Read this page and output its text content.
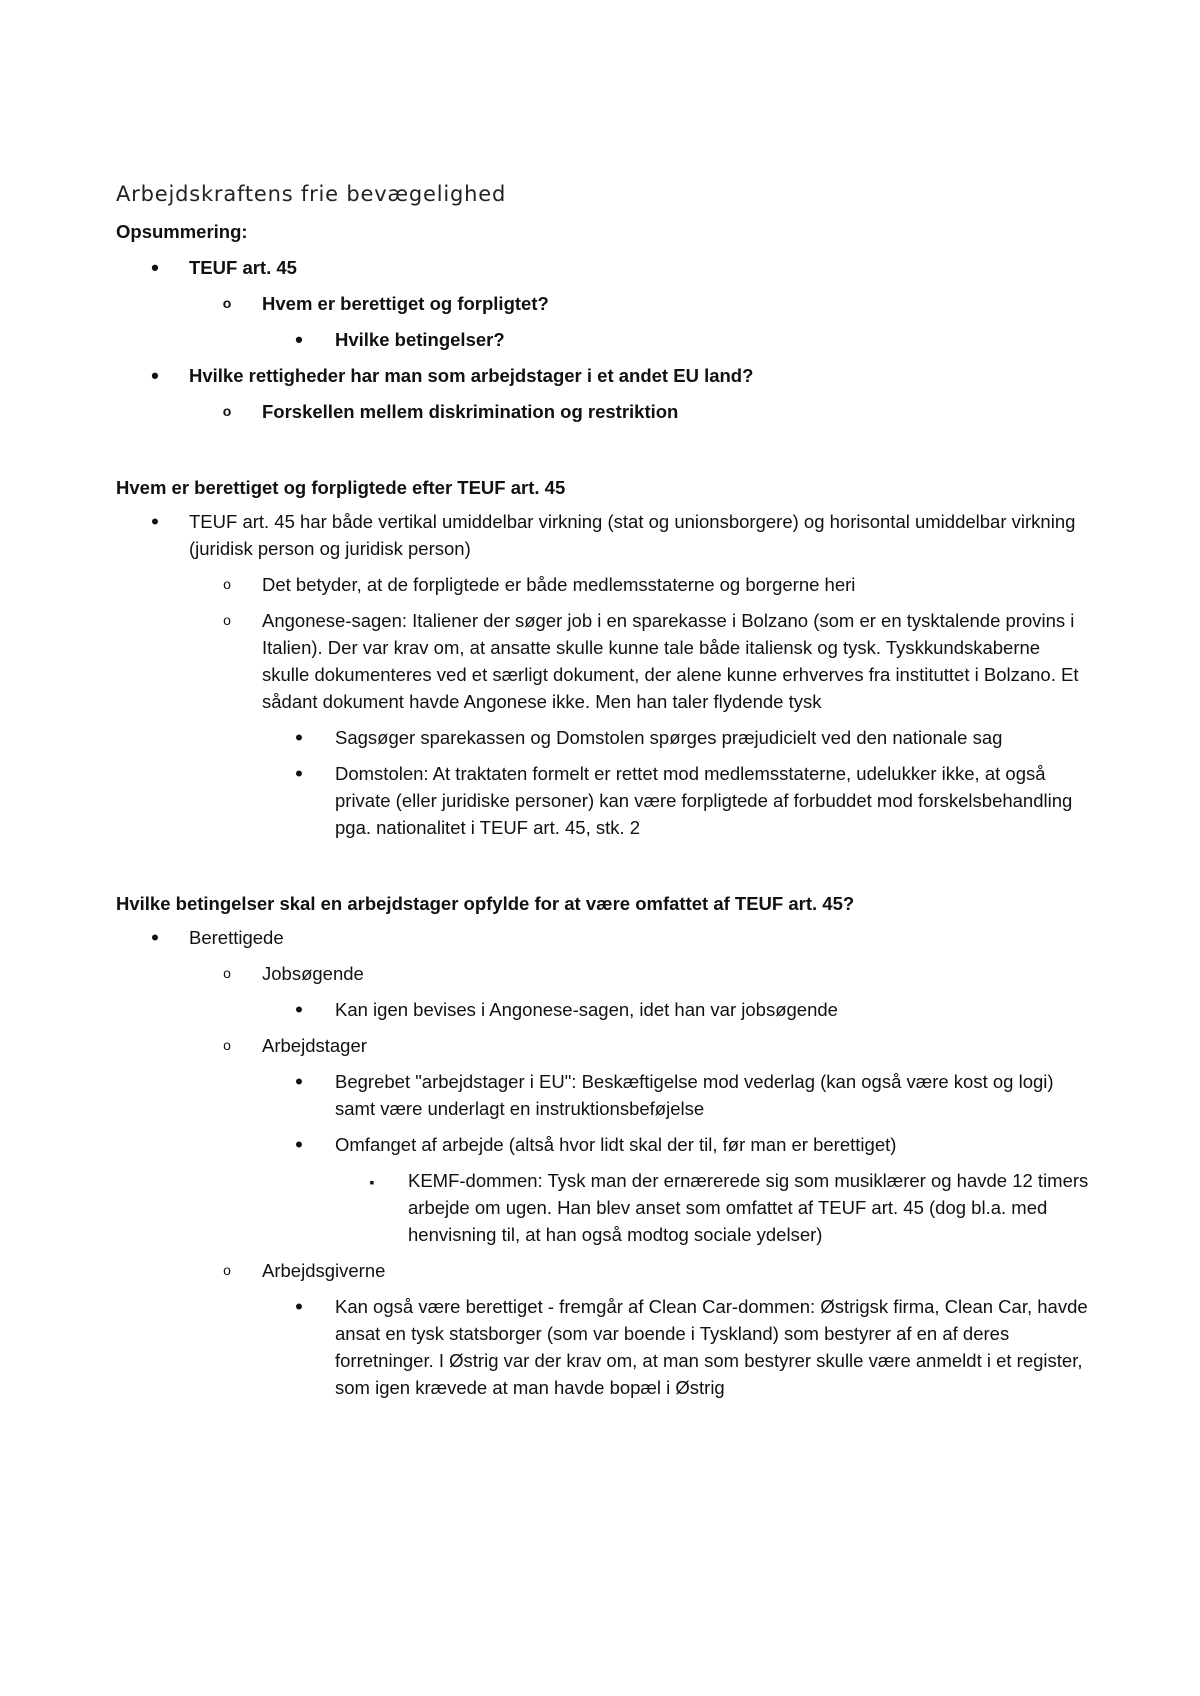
Arbejdskraftens frie bevægelighed
Opsummering:
•
TEUF art. 45
o
Hvem er berettiget og forpligtet?
•
Hvilke betingelser?
•
Hvilke rettigheder har man som arbejdstager i et andet EU land?
o
Forskellen mellem diskrimination og restriktion
Hvem er berettiget og forpligtede efter TEUF art. 45
•
TEUF art. 45 har både vertikal umiddelbar virkning (stat og unionsborgere) og horisontal umiddelbar virkning (juridisk person og juridisk person)
o
Det betyder, at de forpligtede er både medlemsstaterne og borgerne heri
o
Angonese-sagen: Italiener der søger job i en sparekasse i Bolzano (som er en tysktalende provins i Italien). Der var krav om, at ansatte skulle kunne tale både italiensk og tysk. Tyskkundskaberne skulle dokumenteres ved et særligt dokument, der alene kunne erhverves fra instituttet i Bolzano. Et sådant dokument havde Angonese ikke. Men han taler flydende tysk
•
Sagsøger sparekassen og Domstolen spørges præjudicielt ved den nationale sag
•
Domstolen: At traktaten formelt er rettet mod medlemsstaterne, udelukker ikke, at også private (eller juridiske personer) kan være forpligtede af forbuddet mod forskelsbehandling pga. nationalitet i TEUF art. 45, stk. 2
Hvilke betingelser skal en arbejdstager opfylde for at være omfattet af TEUF art. 45?
•
Berettigede
o
Jobsøgende
•
Kan igen bevises i Angonese-sagen, idet han var jobsøgende
o
Arbejdstager
•
Begrebet "arbejdstager i EU": Beskæftigelse mod vederlag (kan også være kost og logi) samt være underlagt en instruktionsbeføjelse
•
Omfanget af arbejde (altså hvor lidt skal der til, før man er berettiget)
▪
KEMF-dommen: Tysk man der ernærerede sig som musiklærer og havde 12 timers arbejde om ugen. Han blev anset som omfattet af TEUF art. 45 (dog bl.a. med henvisning til, at han også modtog sociale ydelser)
o
Arbejdsgiverne
•
Kan også være berettiget - fremgår af Clean Car-dommen: Østrigsk firma, Clean Car, havde ansat en tysk statsborger (som var boende i Tyskland) som bestyrer af en af deres forretninger. I Østrig var der krav om, at man som bestyrer skulle være anmeldt i et register, som igen krævede at man havde bopæl i Østrig
